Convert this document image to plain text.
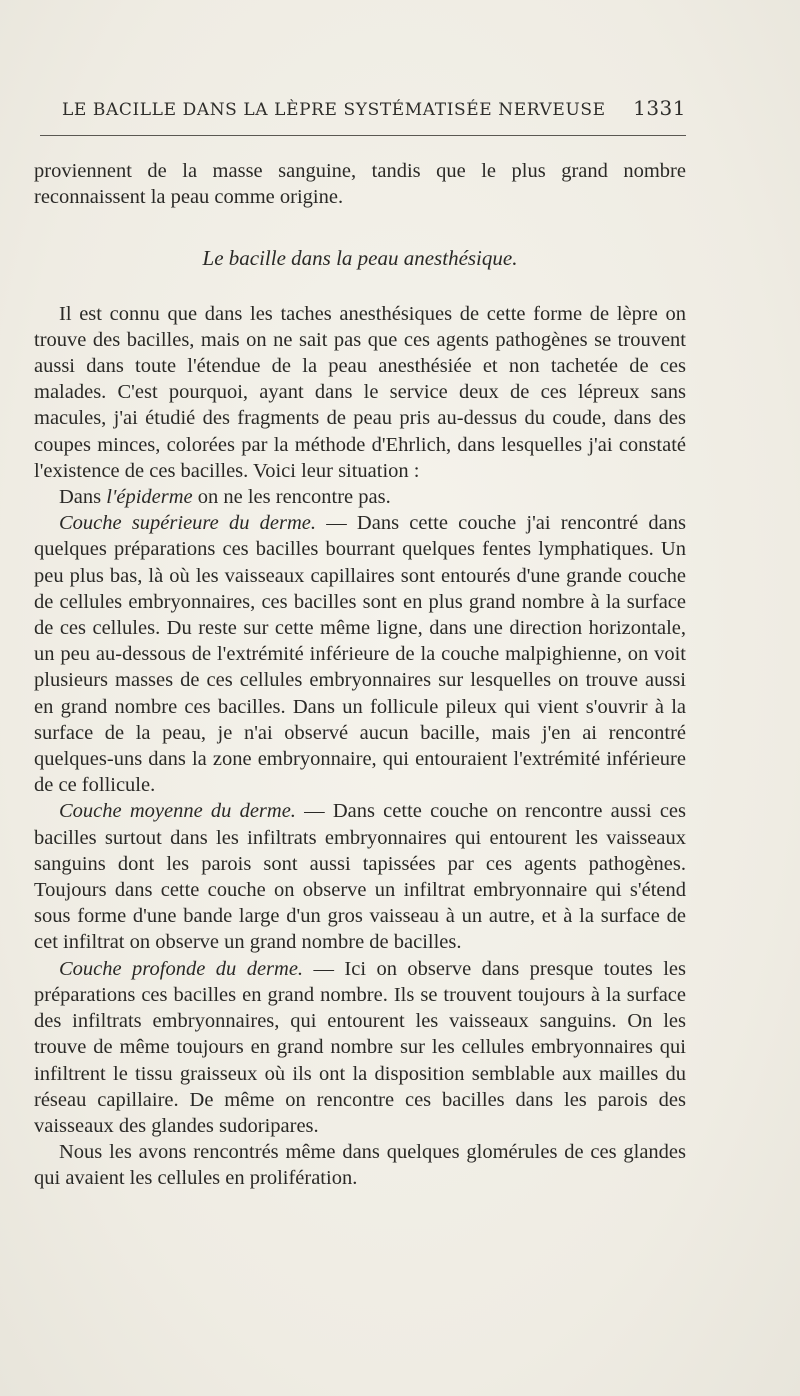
LE BACILLE DANS LA LÈPRE SYSTÉMATISÉE NERVEUSE 1331

proviennent de la masse sanguine, tandis que le plus grand nombre reconnaissent la peau comme origine.

Le bacille dans la peau anesthésique.

Il est connu que dans les taches anesthésiques de cette forme de lèpre on trouve des bacilles, mais on ne sait pas que ces agents pathogènes se trouvent aussi dans toute l'étendue de la peau anesthésiée et non tachetée de ces malades. C'est pourquoi, ayant dans le service deux de ces lépreux sans macules, j'ai étudié des fragments de peau pris au-dessus du coude, dans des coupes minces, colorées par la méthode d'Ehrlich, dans lesquelles j'ai constaté l'existence de ces bacilles. Voici leur situation :

Dans l'épiderme on ne les rencontre pas.

Couche supérieure du derme. — Dans cette couche j'ai rencontré dans quelques préparations ces bacilles bourrant quelques fentes lymphatiques. Un peu plus bas, là où les vaisseaux capillaires sont entourés d'une grande couche de cellules embryonnaires, ces bacilles sont en plus grand nombre à la surface de ces cellules. Du reste sur cette même ligne, dans une direction horizontale, un peu au-dessous de l'extrémité inférieure de la couche malpighienne, on voit plusieurs masses de ces cellules embryonnaires sur lesquelles on trouve aussi en grand nombre ces bacilles. Dans un follicule pileux qui vient s'ouvrir à la surface de la peau, je n'ai observé aucun bacille, mais j'en ai rencontré quelques-uns dans la zone embryonnaire, qui entouraient l'extrémité inférieure de ce follicule.

Couche moyenne du derme. — Dans cette couche on rencontre aussi ces bacilles surtout dans les infiltrats embryonnaires qui entourent les vaisseaux sanguins dont les parois sont aussi tapissées par ces agents pathogènes. Toujours dans cette couche on observe un infiltrat embryonnaire qui s'étend sous forme d'une bande large d'un gros vaisseau à un autre, et à la surface de cet infiltrat on observe un grand nombre de bacilles.

Couche profonde du derme. — Ici on observe dans presque toutes les préparations ces bacilles en grand nombre. Ils se trouvent toujours à la surface des infiltrats embryonnaires, qui entourent les vaisseaux sanguins. On les trouve de même toujours en grand nombre sur les cellules embryonnaires qui infiltrent le tissu graisseux où ils ont la disposition semblable aux mailles du réseau capillaire. De même on rencontre ces bacilles dans les parois des vaisseaux des glandes sudoripares.

Nous les avons rencontrés même dans quelques glomérules de ces glandes qui avaient les cellules en prolifération.
